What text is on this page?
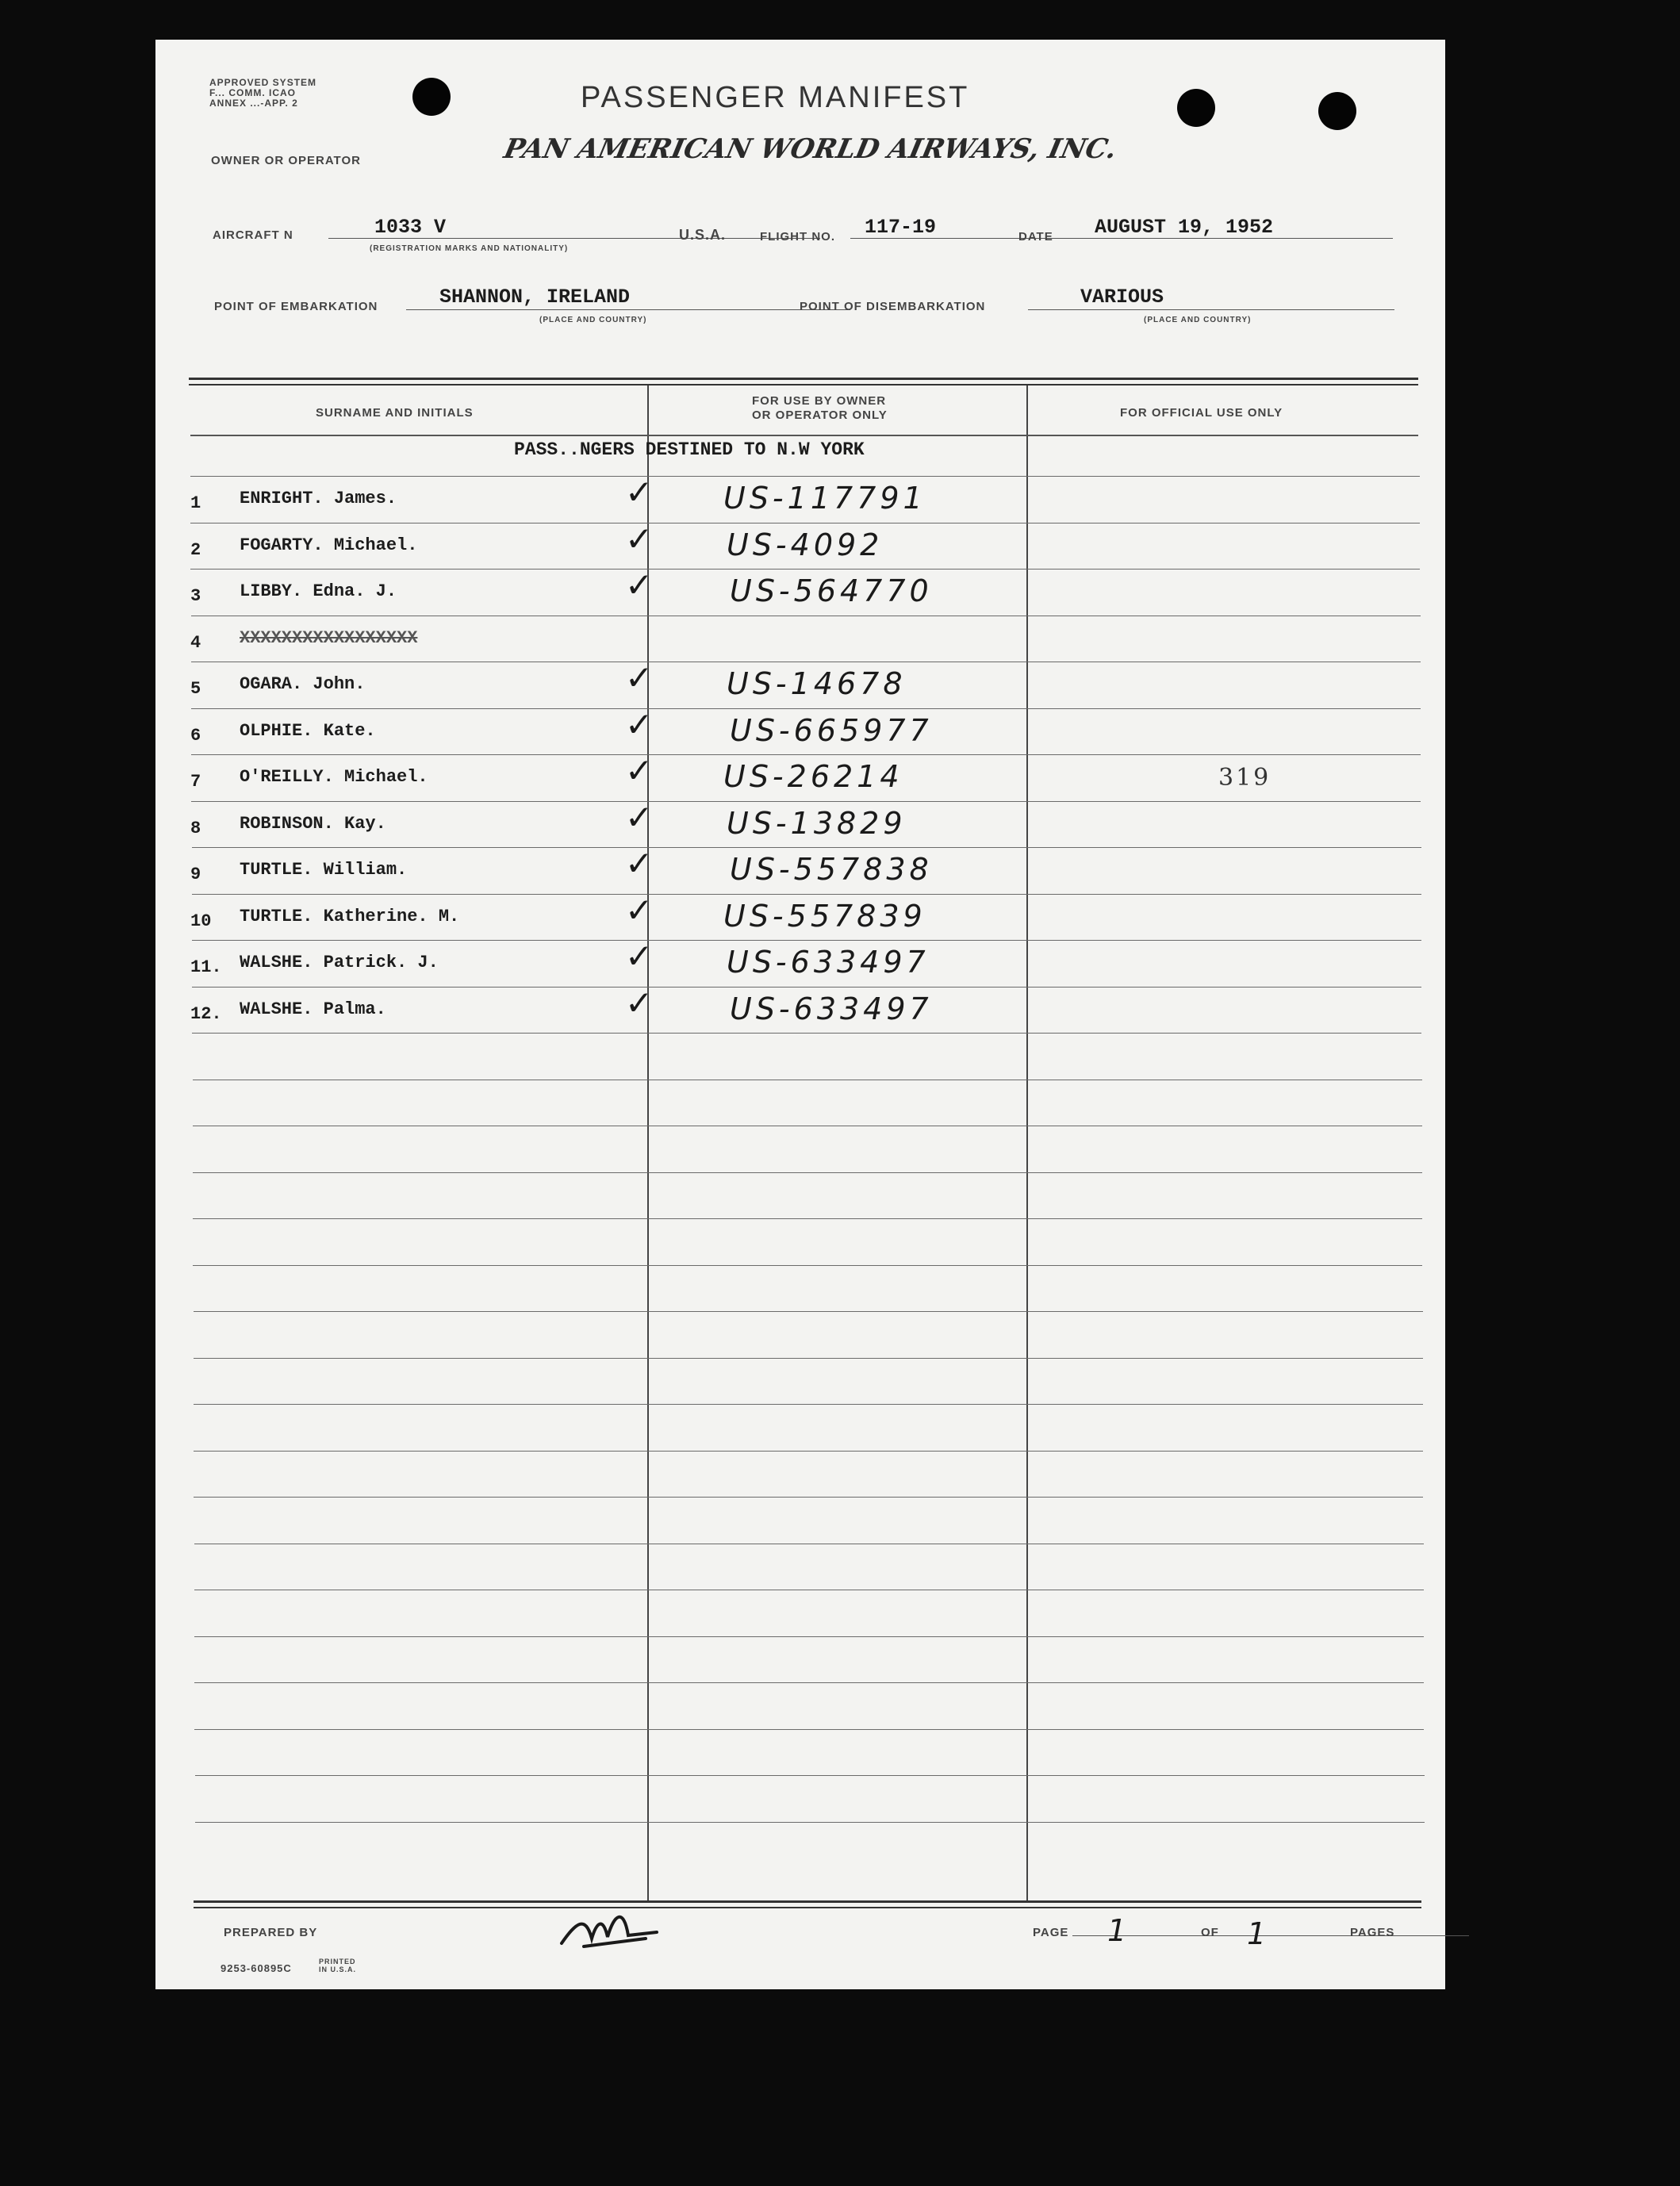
APPROVED SYSTEM F... COMM. ICAO ANNEX ...-APP. 2	PASSENGER MANIFEST
OWNER OR OPERATOR	PAN AMERICAN WORLD AIRWAYS, INC.
AIRCRAFT N	1033 V
(REGISTRATION MARKS AND NATIONALITY)
U.S.A.	FLIGHT NO. 117-19	DATE AUGUST 19, 1952
POINT OF EMBARKATION	SHANNON, IRELAND
(PLACE AND COUNTRY)
POINT OF DISEMBARKATION	VARIOUS
(PLACE AND COUNTRY)
SURNAME AND INITIALS
FOR USE BY OWNER
OR OPERATOR ONLY	FOR OFFICIAL USE ONLY
PASS..NGERS DESTINED TO N.W YORK
1 ENRIGHT. James.	✓ US-117791
2 FOGARTY. Michael.	✓ US-4092
3 LIBBY. Edna. J.	✓	US-564770
4 XXXXXXXXXXXXXXXXX
5 OGARA. John.	✓ US-14678
6 OLPHIE. Kate.	✓	US-665977
7 O'REILLY. Michael.	✓ US-26214	319
8 ROBINSON. Kay.	✓ US-13829
9 TURTLE. William.	✓	US-557838
10 TURTLE. Katherine. M.	✓ US-557839
11. WALSHE. Patrick. J.	✓ US-633497
12. WALSHE. Palma.	✓	US-633497
PREPARED BY	PAGE 1	OF 1	PAGES
9253-60895C
PRINTED IN U.S.A.
